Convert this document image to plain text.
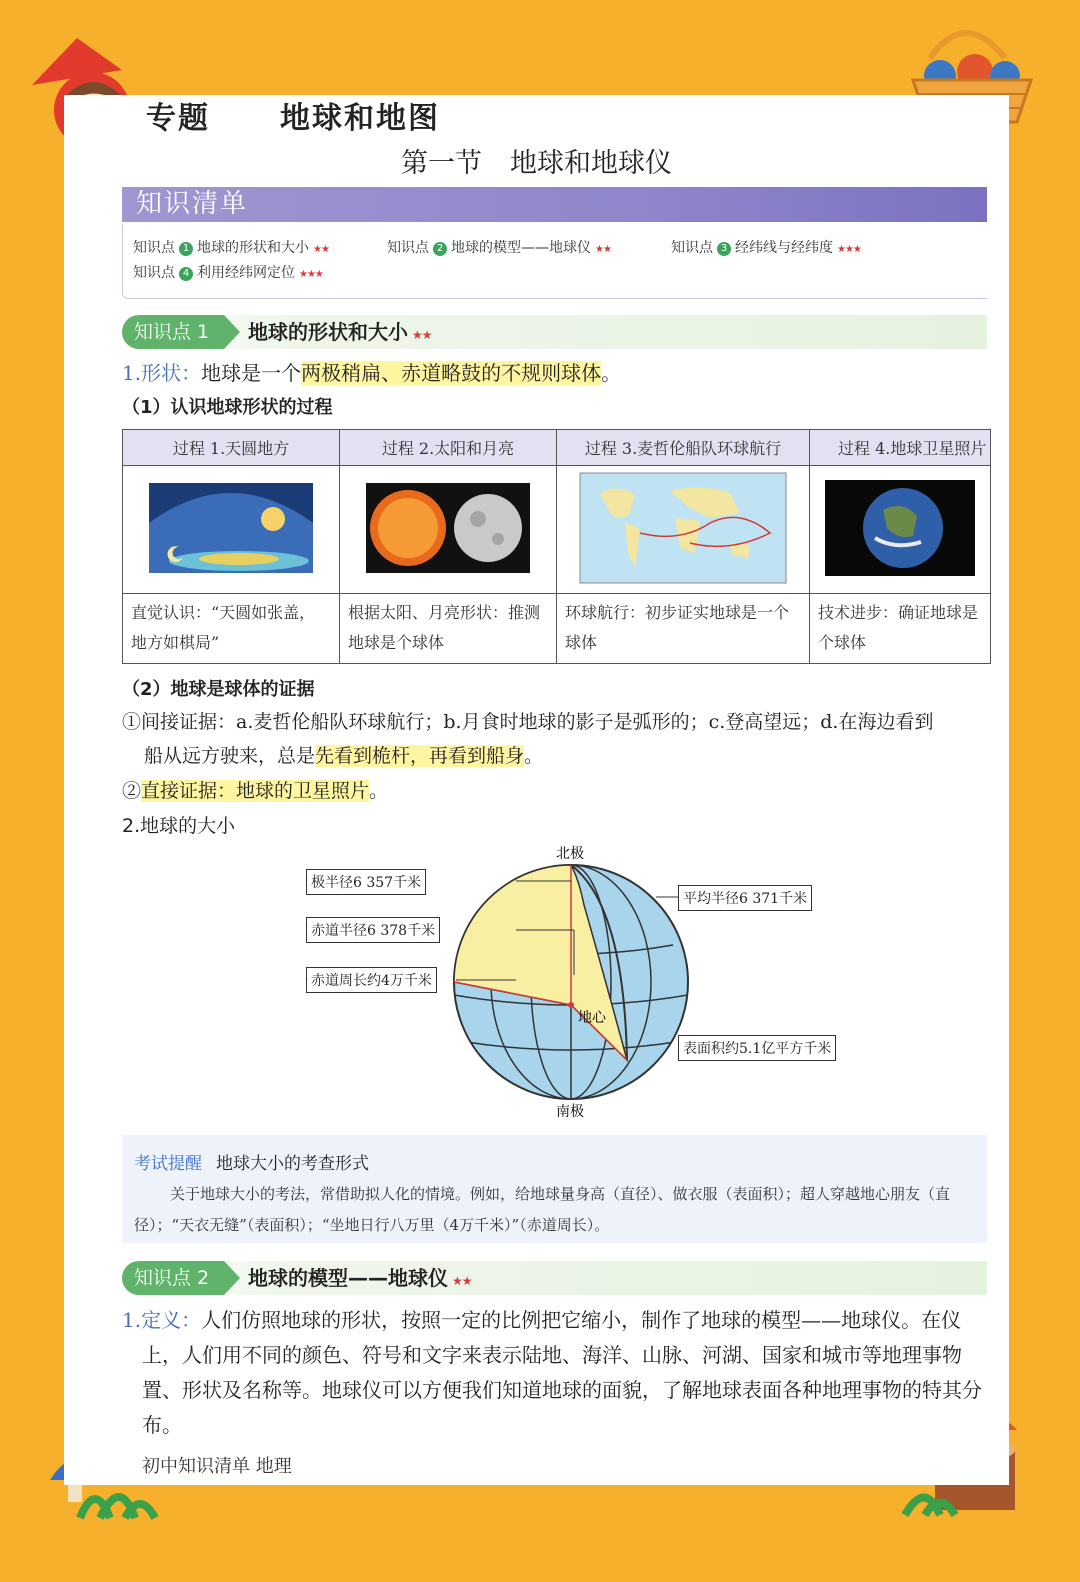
专题 地球和地图
第一节 地球和地球仪
知识清单
知识点 1 地球的形状和大小 ★★	知识点 2 地球的模型——地球仪 ★★	知识点 3 经纬线与经纬度 ★★★
知识点 4 利用经纬网定位 ★★★
知识点 1	地球的形状和大小 ★★
1.形状：地球是一个两极稍扁、赤道略鼓的不规则球体。
（1）认识地球形状的过程
过程 1.天圆地方	过程 2.太阳和月亮	过程 3.麦哲伦船队环球航行	过程 4.地球卫星照片

直觉认识：“天圆如张盖，地方如棋局”	根据太阳、月亮形状：推测地球是个球体	环球航行：初步证实地球是一个球体	技术进步：确证地球是个球体
（2）地球是球体的证据
①间接证据：a.麦哲伦船队环球航行；b.月食时地球的影子是弧形的；c.登高望远；d.在海边看到
船从远方驶来，总是先看到桅杆，再看到船身。
②直接证据：地球的卫星照片。
2.地球的大小
北极
南极
地心
极半径6 357千米
赤道半径6 378千米
赤道周长约4万千米
平均半径6 371千米
表面积约5.1亿平方千米
考试提醒 地球大小的考查形式
关于地球大小的考法，常借助拟人化的情境。例如，给地球量身高（直径）、做衣服（表面积）；超人穿越地心朋友（直径）；“天衣无缝”（表面积）；“坐地日行八万里（4万千米）”（赤道周长）。
知识点 2	地球的模型——地球仪 ★★
1.定义：人们仿照地球的形状，按照一定的比例把它缩小，制作了地球的模型——地球仪。在仪上，人们用不同的颜色、符号和文字来表示陆地、海洋、山脉、河湖、国家和城市等地理事物置、形状及名称等。地球仪可以方便我们知道地球的面貌，了解地球表面各种地理事物的特其分布。
初中知识清单 地理
